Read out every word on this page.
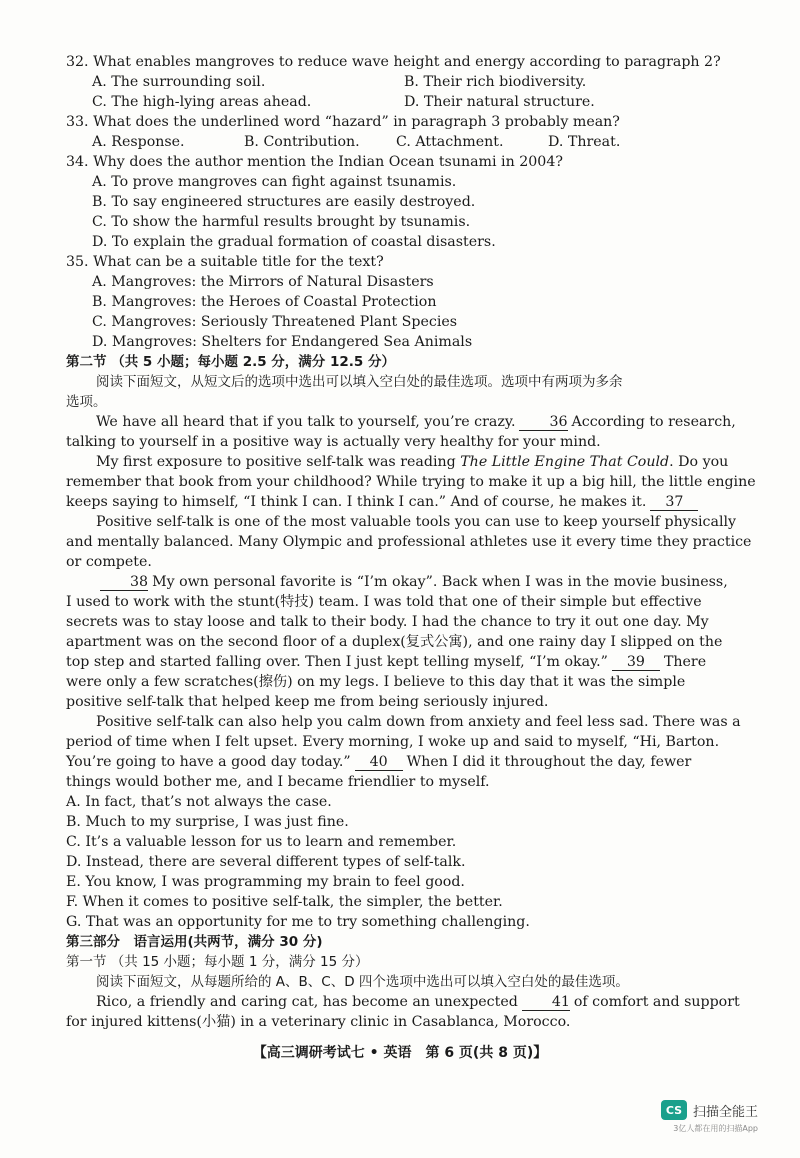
32. What enables mangroves to reduce wave height and energy according to paragraph 2?
A. The surrounding soil.	B. Their rich biodiversity.
C. The high-lying areas ahead.	D. Their natural structure.
33. What does the underlined word “hazard” in paragraph 3 probably mean?
A. Response.	B. Contribution.	C. Attachment.	D. Threat.
34. Why does the author mention the Indian Ocean tsunami in 2004?
A. To prove mangroves can fight against tsunamis.
B. To say engineered structures are easily destroyed.
C. To show the harmful results brought by tsunamis.
D. To explain the gradual formation of coastal disasters.
35. What can be a suitable title for the text?
A. Mangroves: the Mirrors of Natural Disasters
B. Mangroves: the Heroes of Coastal Protection
C. Mangroves: Seriously Threatened Plant Species
D. Mangroves: Shelters for Endangered Sea Animals
第二节 （共 5 小题；每小题 2.5 分，满分 12.5 分）
阅读下面短文，从短文后的选项中选出可以填入空白处的最佳选项。选项中有两项为多余
选项。
We have all heard that if you talk to yourself, you’re crazy. 36 According to research,
talking to yourself in a positive way is actually very healthy for your mind.
My first exposure to positive self-talk was reading The Little Engine That Could. Do you
remember that book from your childhood? While trying to make it up a big hill, the little engine
keeps saying to himself, “I think I can. I think I can.” And of course, he makes it. 37
Positive self-talk is one of the most valuable tools you can use to keep yourself physically
and mentally balanced. Many Olympic and professional athletes use it every time they practice
or compete.
38 My own personal favorite is “I’m okay”. Back when I was in the movie business,
I used to work with the stunt(特技) team. I was told that one of their simple but effective
secrets was to stay loose and talk to their body. I had the chance to try it out one day. My
apartment was on the second floor of a duplex(复式公寓), and one rainy day I slipped on the
top step and started falling over. Then I just kept telling myself, “I’m okay.” 39 There
were only a few scratches(擦伤) on my legs. I believe to this day that it was the simple
positive self-talk that helped keep me from being seriously injured.
Positive self-talk can also help you calm down from anxiety and feel less sad. There was a
period of time when I felt upset. Every morning, I woke up and said to myself, “Hi, Barton.
You’re going to have a good day today.” 40 When I did it throughout the day, fewer
things would bother me, and I became friendlier to myself.
A. In fact, that’s not always the case.
B. Much to my surprise, I was just fine.
C. It’s a valuable lesson for us to learn and remember.
D. Instead, there are several different types of self-talk.
E. You know, I was programming my brain to feel good.
F. When it comes to positive self-talk, the simpler, the better.
G. That was an opportunity for me to try something challenging.
第三部分　语言运用(共两节，满分 30 分)
第一节 （共 15 小题；每小题 1 分，满分 15 分）
阅读下面短文，从每题所给的 A、B、C、D 四个选项中选出可以填入空白处的最佳选项。
Rico, a friendly and caring cat, has become an unexpected 41 of comfort and support
for injured kittens(小猫) in a veterinary clinic in Casablanca, Morocco.
【高三调研考试七 • 英语　第 6 页(共 8 页)】
CS 扫描全能王
3亿人都在用的扫描App
